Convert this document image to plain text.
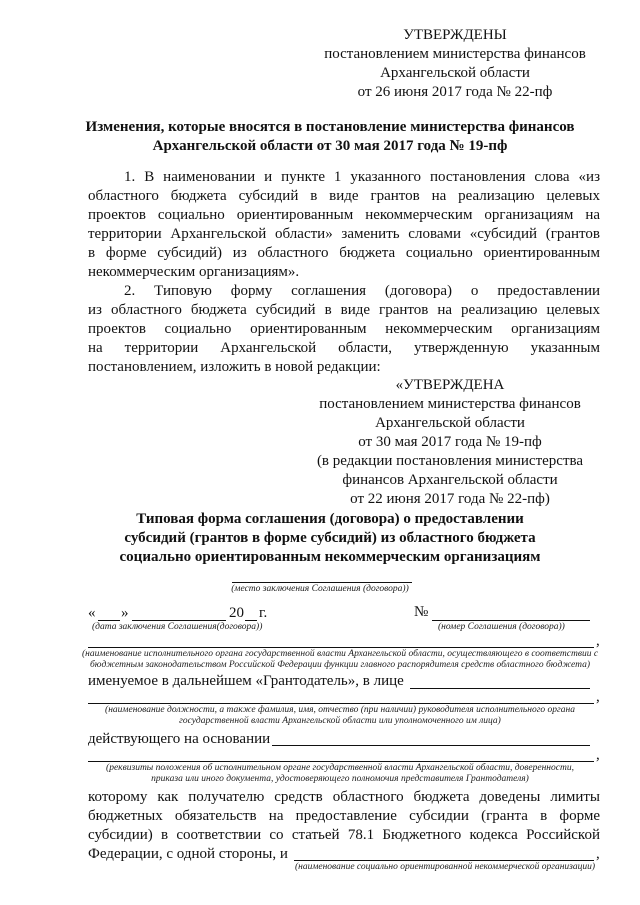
УТВЕРЖДЕНЫ
постановлением министерства финансов
Архангельской области
от 26 июня 2017 года № 22-пф
Изменения, которые вносятся в постановление министерства финансов
Архангельской области от 30 мая 2017 года № 19-пф
1. В наименовании и пункте 1 указанного постановления слова «из
областного бюджета субсидий в виде грантов на реализацию целевых
проектов социально ориентированным некоммерческим организациям на
территории Архангельской области» заменить словами «субсидий (грантов
в форме субсидий) из областного бюджета социально ориентированным
некоммерческим организациям».
2. Типовую форму соглашения (договора) о предоставлении
из областного бюджета субсидий в виде грантов на реализацию целевых
проектов социально ориентированным некоммерческим организациям
на территории Архангельской области, утвержденную указанным
постановлением, изложить в новой редакции:
«УТВЕРЖДЕНА
постановлением министерства финансов
Архангельской области
от 30 мая 2017 года № 19-пф
(в редакции постановления министерства
финансов Архангельской области
от 22 июня 2017 года № 22-пф)
Типовая форма соглашения (договора) о предоставлении
субсидий (грантов в форме субсидий) из областного бюджета
социально ориентированным некоммерческим организациям
(место заключения Соглашения (договора))
« »	20 г.	№
(дата заключения Соглашения(договора))	(номер Соглашения (договора))
,
(наименование исполнительного органа государственной власти Архангельской области, осуществляющего в соответствии с
бюджетным законодательством Российской Федерации функции главного распорядителя средств областного бюджета)
именуемое в дальнейшем «Грантодатель», в лице
,
(наименование должности, а также фамилия, имя, отчество (при наличии) руководителя исполнительного органа
государственной власти Архангельской области или уполномоченного им лица)
действующего на основании
,
(реквизиты положения об исполнительном органе государственной власти Архангельской области, доверенности,
приказа или иного документа, удостоверяющего полномочия представителя Грантодателя)
которому как получателю средств областного бюджета доведены лимиты
бюджетных обязательств на предоставление субсидии (гранта в форме
субсидии) в соответствии со статьей 78.1 Бюджетного кодекса Российской
Федерации, с одной стороны, и	,
(наименование социально ориентированной некоммерческой организации)
